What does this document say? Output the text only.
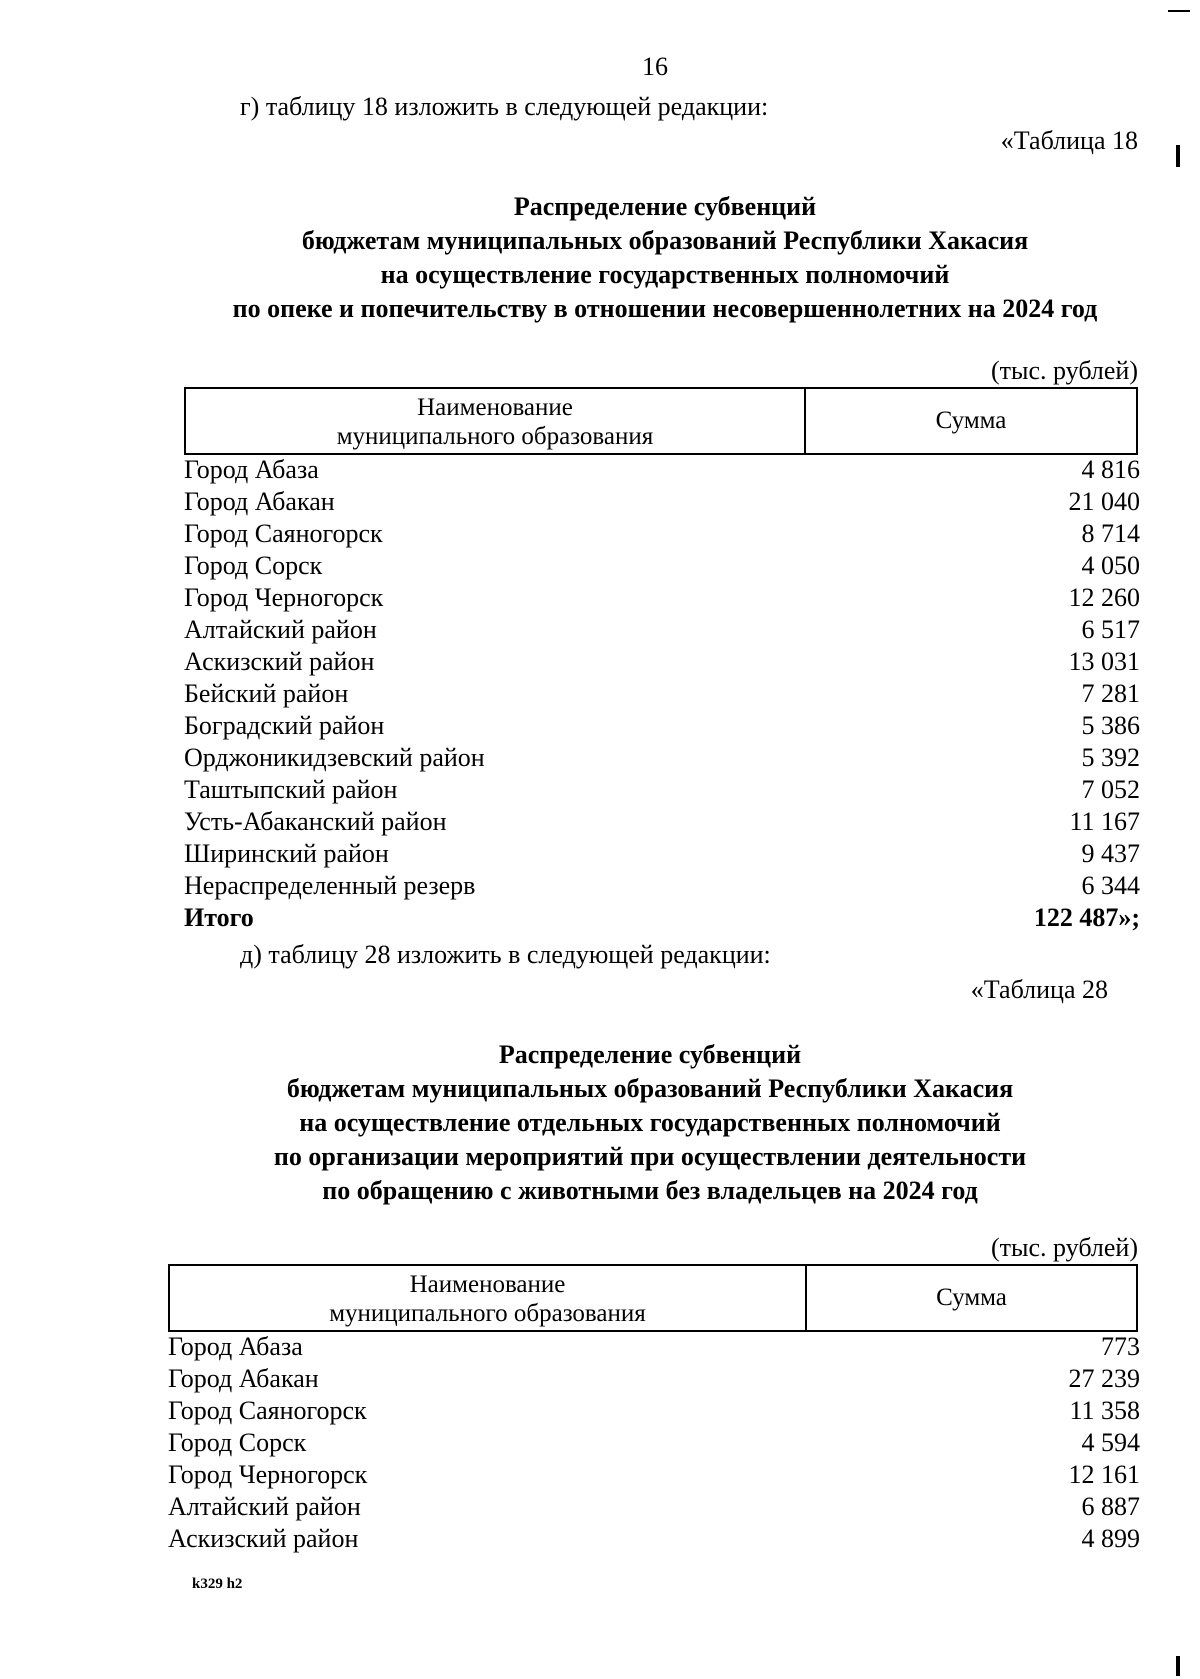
16
г) таблицу 18 изложить в следующей редакции:
«Таблица 18
Распределение субвенций
бюджетам муниципальных образований Республики Хакасия
на осуществление государственных полномочий
по опеке и попечительству в отношении несовершеннолетних на 2024 год
(тыс. рублей)
Наименование
муниципального образования
Сумма
Город Абаза	4 816
Город Абакан	21 040
Город Саяногорск	8 714
Город Сорск	4 050
Город Черногорск	12 260
Алтайский район	6 517
Аскизский район	13 031
Бейский район	7 281
Боградский район	5 386
Орджоникидзевский район	5 392
Таштыпский район	7 052
Усть-Абаканский район	11 167
Ширинский район	9 437
Нераспределенный резерв	6 344
Итого	122 487»;
д) таблицу 28 изложить в следующей редакции:
«Таблица 28
Распределение субвенций
бюджетам муниципальных образований Республики Хакасия
на осуществление отдельных государственных полномочий
по организации мероприятий при осуществлении деятельности
по обращению с животными без владельцев на 2024 год
(тыс. рублей)
Наименование
муниципального образования
Сумма
Город Абаза	773
Город Абакан	27 239
Город Саяногорск	11 358
Город Сорск	4 594
Город Черногорск	12 161
Алтайский район	6 887
Аскизский район	4 899
k329 h2
